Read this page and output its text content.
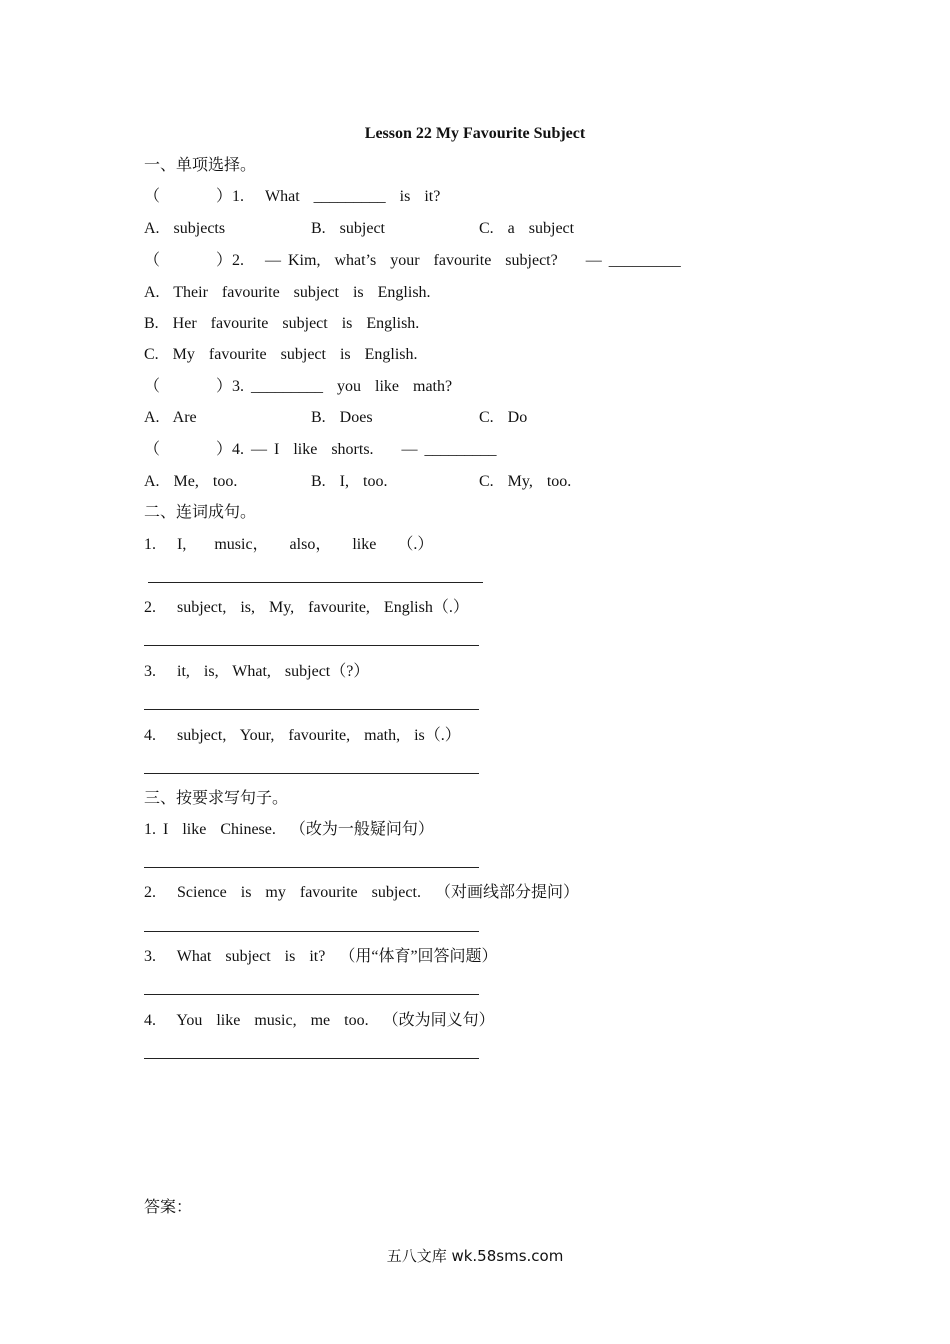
Lesson 22 My Favourite Subject
一、单项选择。
（        ）1.   What  _________  is  it?
A.  subjects	B.  subject	C.  a  subject
（        ）2.   — Kim,  what’s  your  favourite  subject?    — _________
A.  Their  favourite  subject  is  English.
B.  Her  favourite  subject  is  English.
C.  My  favourite  subject  is  English.
（        ）3. _________  you  like  math?
A.  Are	B.  Does	C.  Do
（        ）4. — I  like  shorts.    — _________
A.  Me,  too.	B.  I,  too.	C.  My,  too.
二、连词成句。
1.   I,    music，   also，   like   （.）
2.   subject,  is,  My,  favourite,  English（.）
3.   it,  is,  What,  subject（?）
4.   subject,  Your,  favourite,  math,  is（.）
三、按要求写句子。
1. I  like  Chinese.  （改为一般疑问句）
2.   Science  is  my  favourite  subject.  （对画线部分提问）
3.   What  subject  is  it?  （用“体育”回答问题）
4.   You  like  music,  me  too.  （改为同义句）
答案：
五八文库 wk.58sms.com
